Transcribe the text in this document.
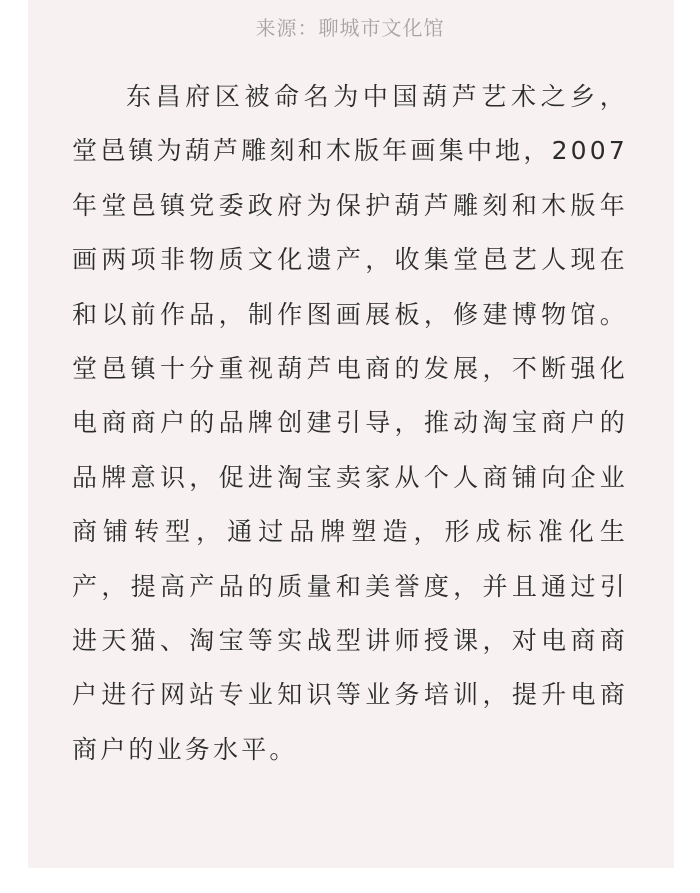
来源：聊城市文化馆

东昌府区被命名为中国葫芦艺术之乡，堂邑镇为葫芦雕刻和木版年画集中地，2007年堂邑镇党委政府为保护葫芦雕刻和木版年画两项非物质文化遗产，收集堂邑艺人现在和以前作品，制作图画展板，修建博物馆。堂邑镇十分重视葫芦电商的发展，不断强化电商商户的品牌创建引导，推动淘宝商户的品牌意识，促进淘宝卖家从个人商铺向企业商铺转型，通过品牌塑造，形成标准化生产，提高产品的质量和美誉度，并且通过引进天猫、淘宝等实战型讲师授课，对电商商户进行网站专业知识等业务培训，提升电商商户的业务水平。
